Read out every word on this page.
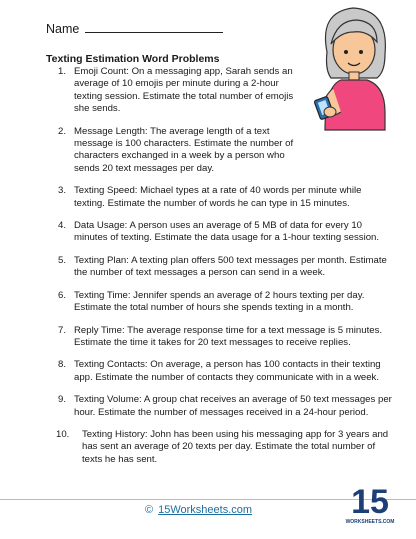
Name
Texting Estimation Word Problems
1. Emoji Count: On a messaging app, Sarah sends an average of 10 emojis per minute during a 2-hour texting session. Estimate the total number of emojis she sends.
2. Message Length: The average length of a text message is 100 characters. Estimate the number of characters exchanged in a week by a person who sends 20 text messages per day.
3. Texting Speed: Michael types at a rate of 40 words per minute while texting. Estimate the number of words he can type in 15 minutes.
4. Data Usage: A person uses an average of 5 MB of data for every 10 minutes of texting. Estimate the data usage for a 1-hour texting session.
5. Texting Plan: A texting plan offers 500 text messages per month. Estimate the number of text messages a person can send in a week.
6. Texting Time: Jennifer spends an average of 2 hours texting per day. Estimate the total number of hours she spends texting in a month.
7. Reply Time: The average response time for a text message is 5 minutes. Estimate the time it takes for 20 text messages to receive replies.
8. Texting Contacts: On average, a person has 100 contacts in their texting app. Estimate the number of contacts they communicate with in a week.
9. Texting Volume: A group chat receives an average of 50 text messages per hour. Estimate the number of messages received in a 24-hour period.
10. Texting History: John has been using his messaging app for 3 years and has sent an average of 20 texts per day. Estimate the total number of texts he has sent.
© 15Worksheets.com	15
WORKSHEETS.COM
